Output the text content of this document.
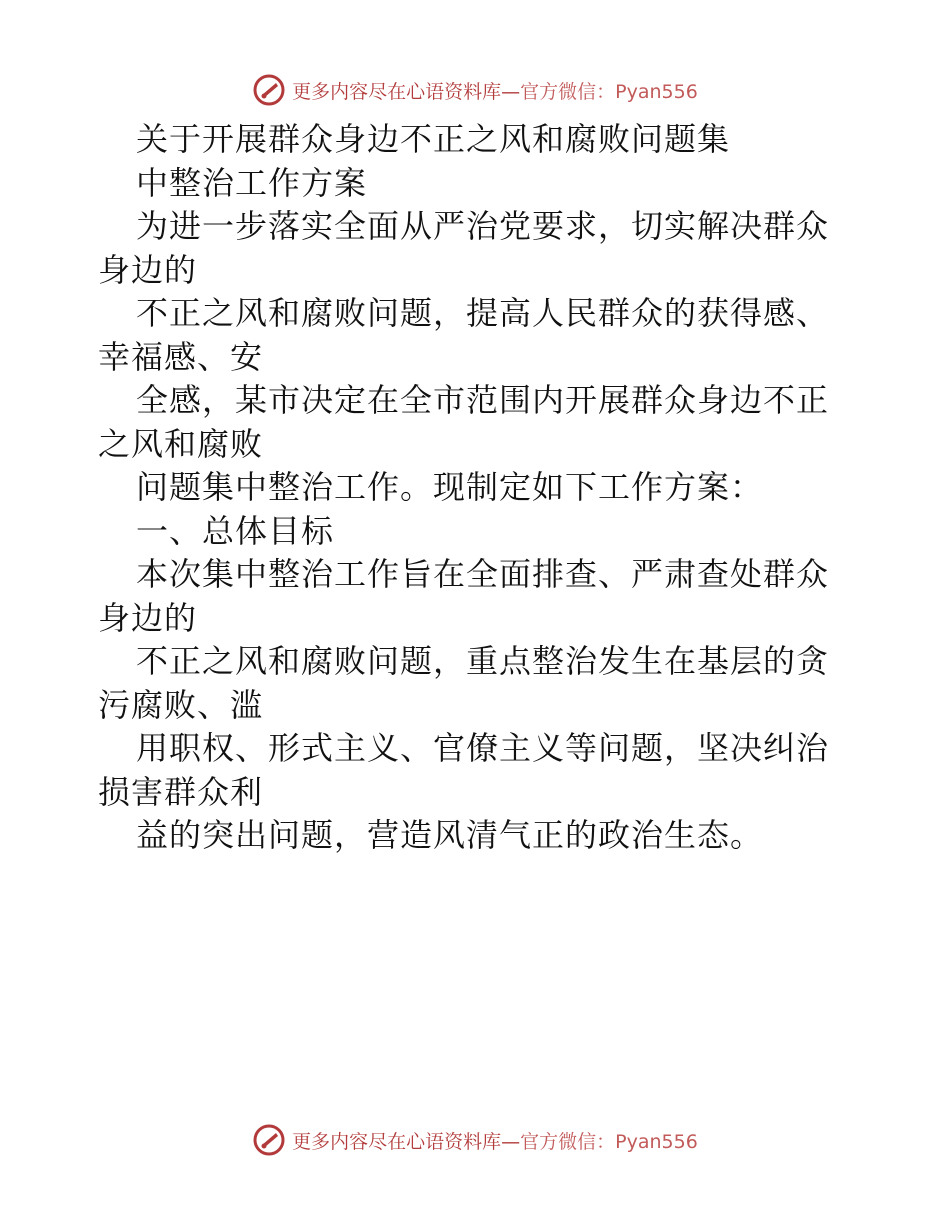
更多内容尽在心语资料库— 官方微信：Pyan556
关于开展群众身边不正之风和腐败问题集
中整治工作方案
为进一步落实全面从严治党要求，切实解决群众
身边的
不正之风和腐败问题，提高人民群众的获得感、
幸福感、安
全感，某市决定在全市范围内开展群众身边不正
之风和腐败
问题集中整治工作。现制定如下工作方案：
一、总体目标
本次集中整治工作旨在全面排查、严肃查处群众
身边的
不正之风和腐败问题，重点整治发生在基层的贪
污腐败、滥
用职权、形式主义、官僚主义等问题，坚决纠治
损害群众利
益的突出问题，营造风清气正的政治生态。
更多内容尽在心语资料库— 官方微信：Pyan556
